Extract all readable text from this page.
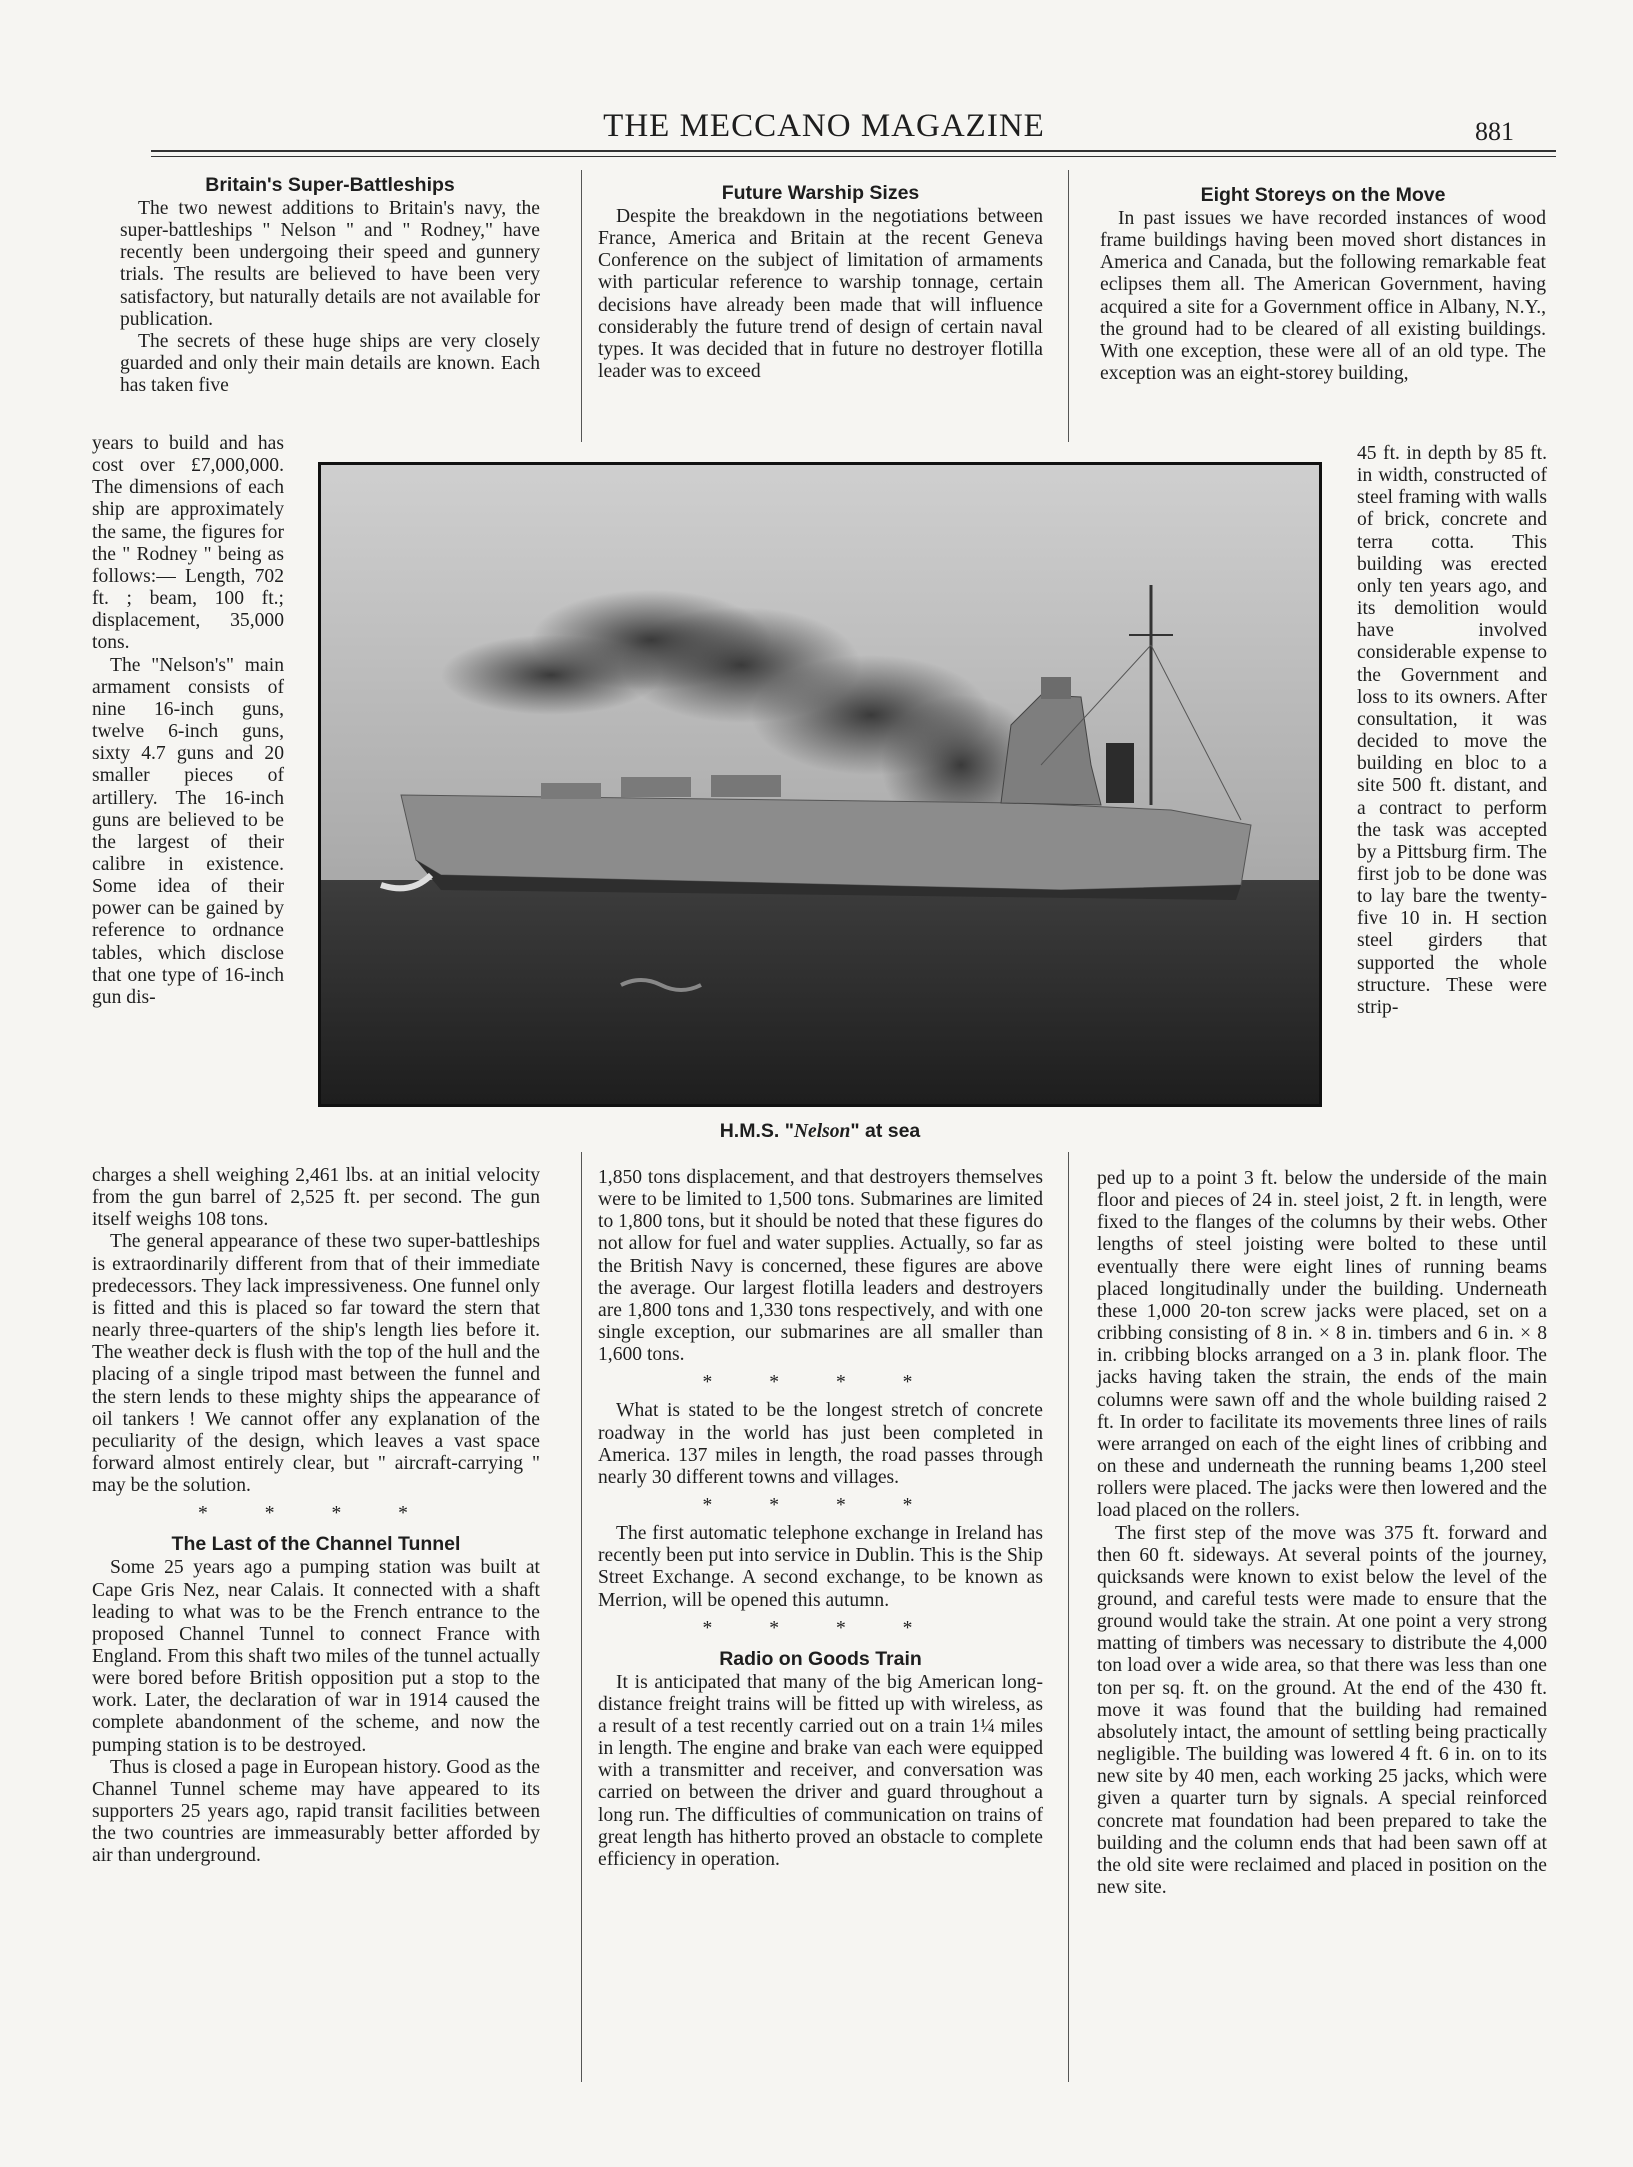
THE MECCANO MAGAZINE	881
Britain's Super-Battleships

The two newest additions to Britain's navy, the super-battleships " Nelson " and " Rodney," have recently been undergoing their speed and gunnery trials. The results are believed to have been very satisfactory, but naturally details are not available for publication.

The secrets of these huge ships are very closely guarded and only their main details are known. Each has taken five

years to build and has cost over £7,000,000. The dimensions of each ship are approximately the same, the figures for the " Rodney " being as follows:— Length, 702 ft. ; beam, 100 ft.; displacement, 35,000 tons.

The "Nelson's" main armament consists of nine 16-inch guns, twelve 6-inch guns, sixty 4.7 guns and 20 smaller pieces of artillery. The 16-inch guns are believed to be the largest of their calibre in existence. Some idea of their power can be gained by reference to ordnance tables, which disclose that one type of 16-inch gun dis-

charges a shell weighing 2,461 lbs. at an initial velocity from the gun barrel of 2,525 ft. per second. The gun itself weighs 108 tons.

The general appearance of these two super-battleships is extraordinarily different from that of their immediate predecessors. They lack impressiveness. One funnel only is fitted and this is placed so far toward the stern that nearly three-quarters of the ship's length lies before it. The weather deck is flush with the top of the hull and the placing of a single tripod mast between the funnel and the stern lends to these mighty ships the appearance of oil tankers ! We cannot offer any explanation of the peculiarity of the design, which leaves a vast space forward almost entirely clear, but " aircraft-carrying " may be the solution.

* * * *
The Last of the Channel Tunnel

Some 25 years ago a pumping station was built at Cape Gris Nez, near Calais. It connected with a shaft leading to what was to be the French entrance to the proposed Channel Tunnel to connect France with England. From this shaft two miles of the tunnel actually were bored before British opposition put a stop to the work. Later, the declaration of war in 1914 caused the complete abandonment of the scheme, and now the pumping station is to be destroyed.

Thus is closed a page in European history. Good as the Channel Tunnel scheme may have appeared to its supporters 25 years ago, rapid transit facilities between the two countries are immeasurably better afforded by air than underground.

Future Warship Sizes

Despite the breakdown in the negotiations between France, America and Britain at the recent Geneva Conference on the subject of limitation of armaments with particular reference to warship tonnage, certain decisions have already been made that will influence considerably the future trend of design of certain naval types. It was decided that in future no destroyer flotilla leader was to exceed

1,850 tons displacement, and that destroyers themselves were to be limited to 1,500 tons. Submarines are limited to 1,800 tons, but it should be noted that these figures do not allow for fuel and water supplies. Actually, so far as the British Navy is concerned, these figures are above the average. Our largest flotilla leaders and destroyers are 1,800 tons and 1,330 tons respectively, and with one single exception, our submarines are all smaller than 1,600 tons.

* * * *

What is stated to be the longest stretch of concrete roadway in the world has just been completed in America. 137 miles in length, the road passes through nearly 30 different towns and villages.

* * * *

The first automatic telephone exchange in Ireland has recently been put into service in Dublin. This is the Ship Street Exchange. A second exchange, to be known as Merrion, will be opened this autumn.

* * * *
Radio on Goods Train

It is anticipated that many of the big American long-distance freight trains will be fitted up with wireless, as a result of a test recently carried out on a train 1¼ miles in length. The engine and brake van each were equipped with a transmitter and receiver, and conversation was carried on between the driver and guard throughout a long run. The difficulties of communication on trains of great length has hitherto proved an obstacle to complete efficiency in operation.

Eight Storeys on the Move

In past issues we have recorded instances of wood frame buildings having been moved short distances in America and Canada, but the following remarkable feat eclipses them all. The American Government, having acquired a site for a Government office in Albany, N.Y., the ground had to be cleared of all existing buildings. With one exception, these were all of an old type. The exception was an eight-storey building,

45 ft. in depth by 85 ft. in width, constructed of steel framing with walls of brick, concrete and terra cotta. This building was erected only ten years ago, and its demolition would have involved considerable expense to the Government and loss to its owners. After consultation, it was decided to move the building en bloc to a site 500 ft. distant, and a contract to perform the task was accepted by a Pittsburg firm. The first job to be done was to lay bare the twenty-five 10 in. H section steel girders that supported the whole structure. These were strip-

ped up to a point 3 ft. below the underside of the main floor and pieces of 24 in. steel joist, 2 ft. in length, were fixed to the flanges of the columns by their webs. Other lengths of steel joisting were bolted to these until eventually there were eight lines of running beams placed longitudinally under the building. Underneath these 1,000 20-ton screw jacks were placed, set on a cribbing consisting of 8 in. × 8 in. timbers and 6 in. × 8 in. cribbing blocks arranged on a 3 in. plank floor. The jacks having taken the strain, the ends of the main columns were sawn off and the whole building raised 2 ft. In order to facilitate its movements three lines of rails were arranged on each of the eight lines of cribbing and on these and underneath the running beams 1,200 steel rollers were placed. The jacks were then lowered and the load placed on the rollers.

The first step of the move was 375 ft. forward and then 60 ft. sideways. At several points of the journey, quicksands were known to exist below the level of the ground, and careful tests were made to ensure that the ground would take the strain. At one point a very strong matting of timbers was necessary to distribute the 4,000 ton load over a wide area, so that there was less than one ton per sq. ft. on the ground. At the end of the 430 ft. move it was found that the building had remained absolutely intact, the amount of settling being practically negligible. The building was lowered 4 ft. 6 in. on to its new site by 40 men, each working 25 jacks, which were given a quarter turn by signals. A special reinforced concrete mat foundation had been prepared to take the building and the column ends that had been sawn off at the old site were reclaimed and placed in position on the new site.

H.M.S. "Nelson" at sea
